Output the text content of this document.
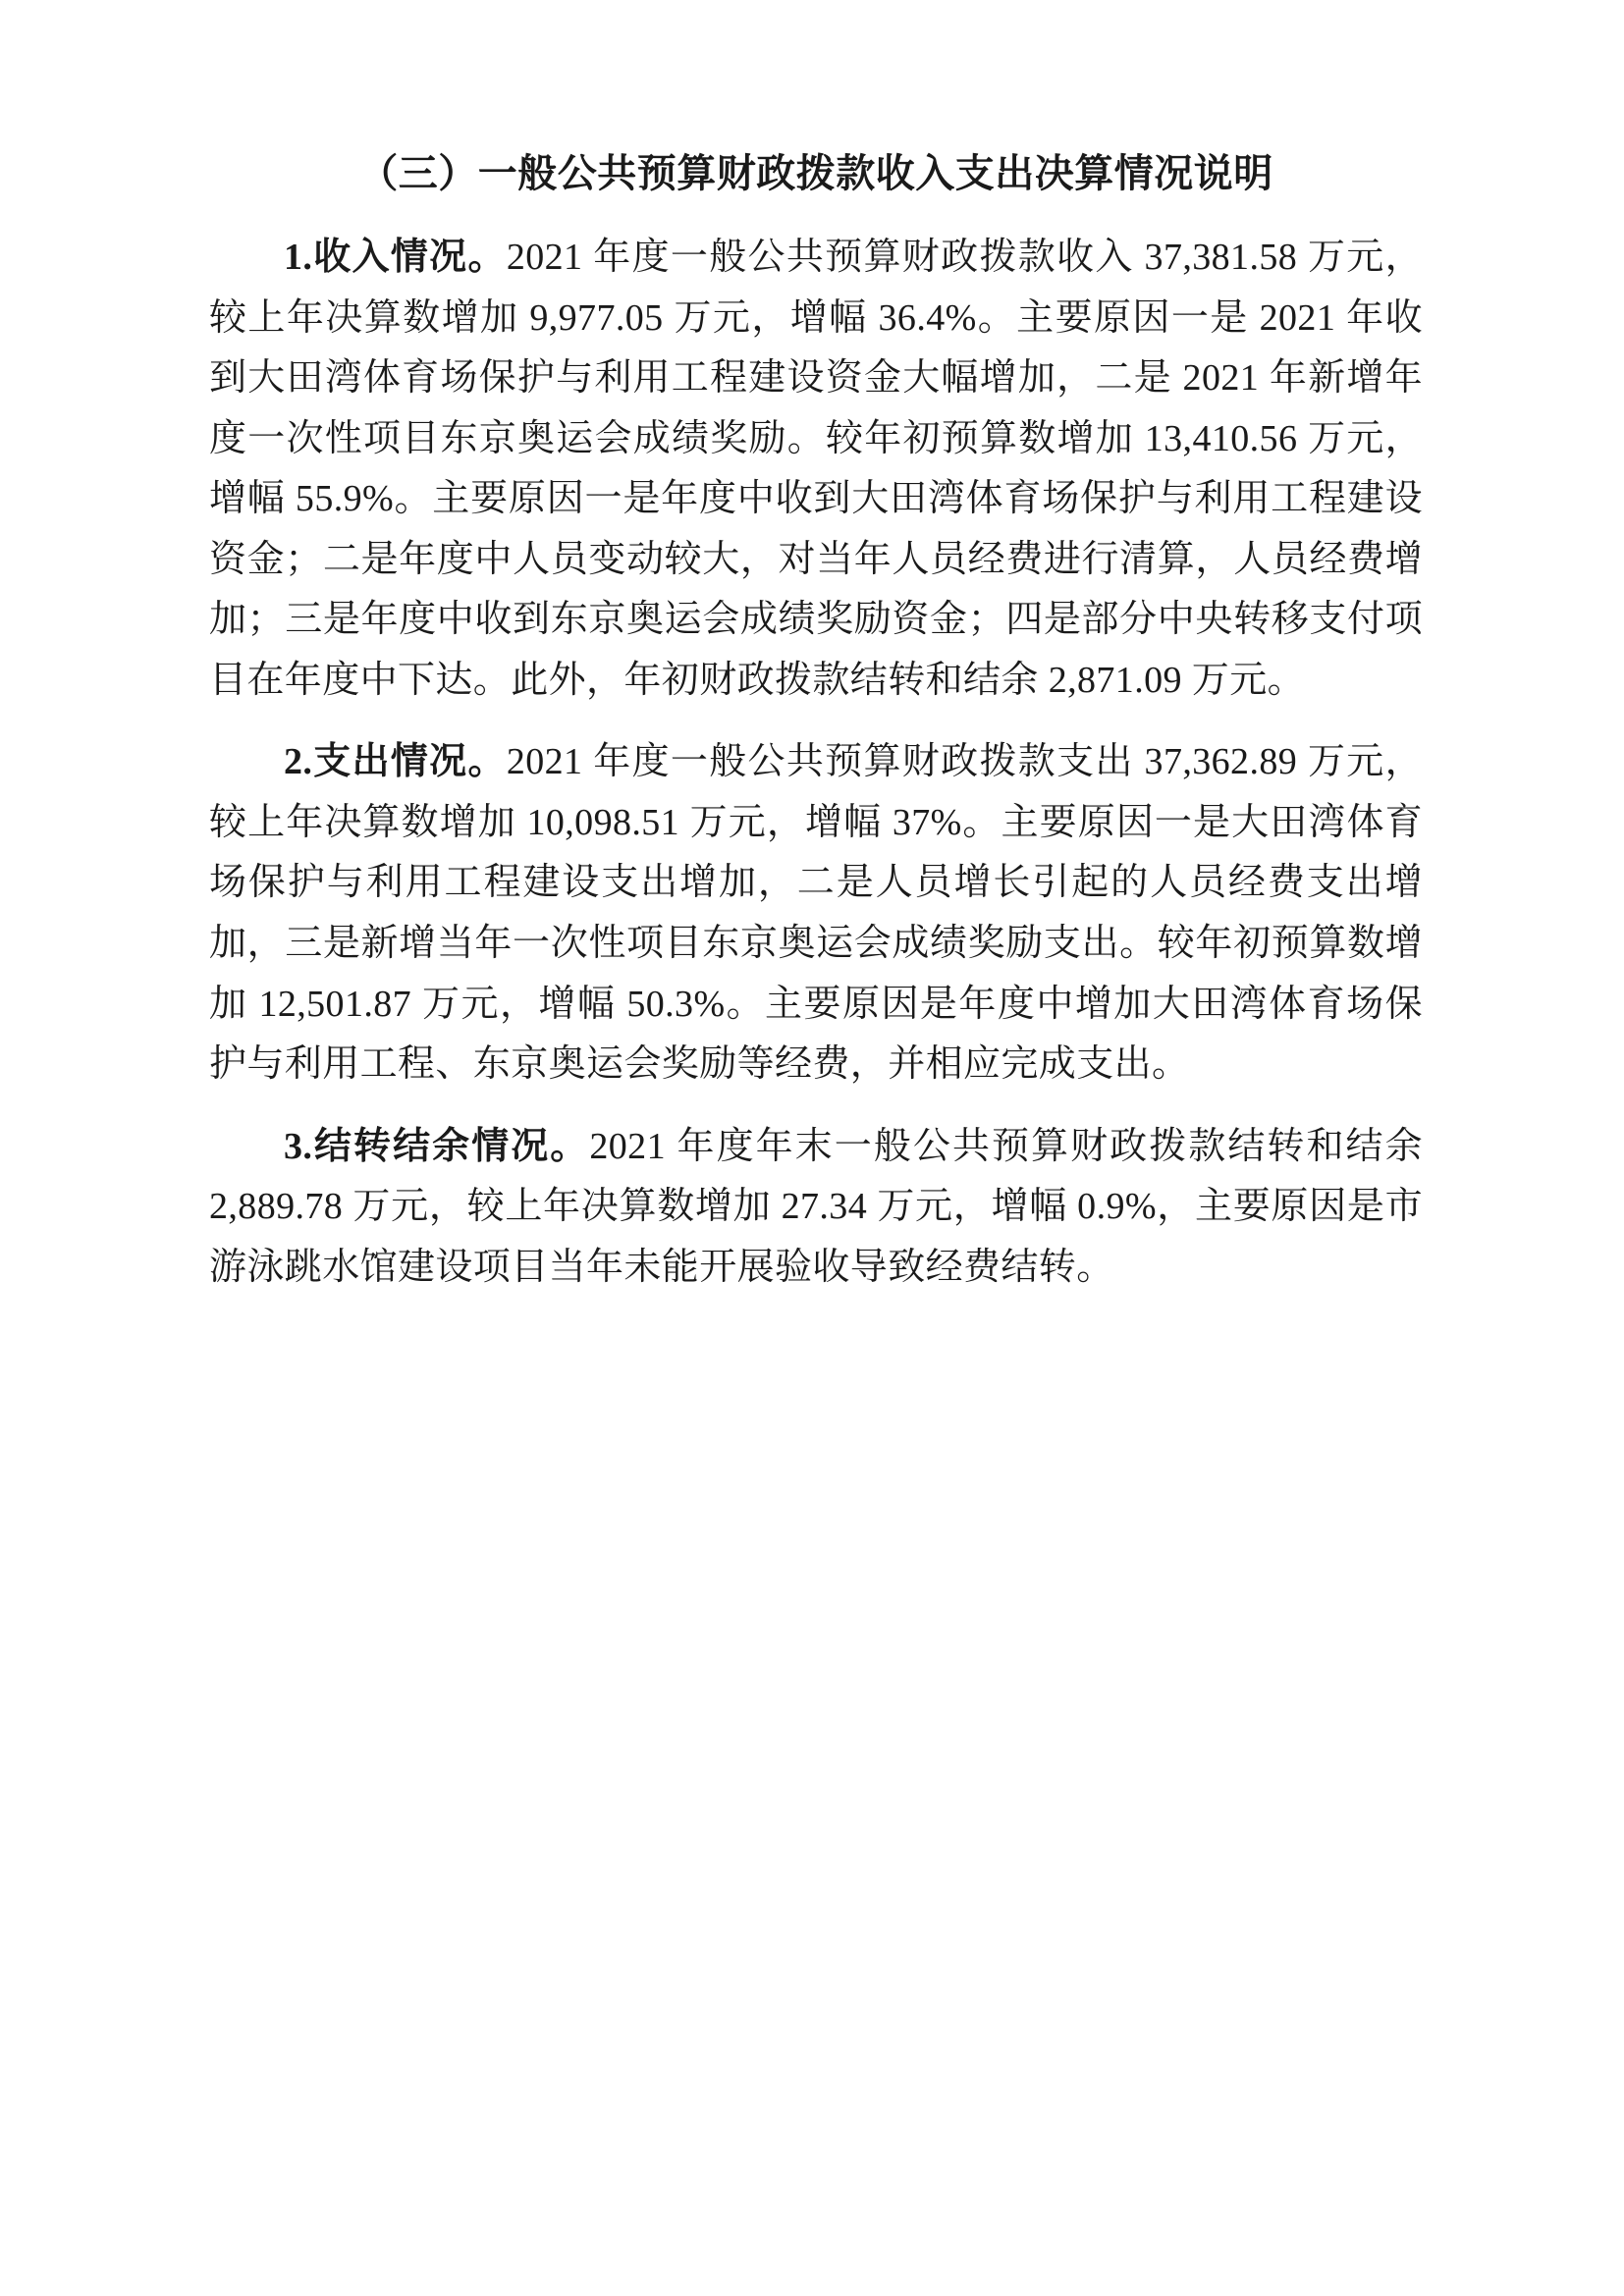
（三）一般公共预算财政拨款收入支出决算情况说明

1.收入情况。2021 年度一般公共预算财政拨款收入 37,381.58 万元，较上年决算数增加 9,977.05 万元，增幅 36.4%。主要原因一是 2021 年收到大田湾体育场保护与利用工程建设资金大幅增加，二是 2021 年新增年度一次性项目东京奥运会成绩奖励。较年初预算数增加 13,410.56 万元，增幅 55.9%。主要原因一是年度中收到大田湾体育场保护与利用工程建设资金；二是年度中人员变动较大，对当年人员经费进行清算，人员经费增加；三是年度中收到东京奥运会成绩奖励资金；四是部分中央转移支付项目在年度中下达。此外，年初财政拨款结转和结余 2,871.09 万元。

2.支出情况。2021 年度一般公共预算财政拨款支出 37,362.89 万元，较上年决算数增加 10,098.51 万元，增幅 37%。主要原因一是大田湾体育场保护与利用工程建设支出增加，二是人员增长引起的人员经费支出增加，三是新增当年一次性项目东京奥运会成绩奖励支出。较年初预算数增加 12,501.87 万元，增幅 50.3%。主要原因是年度中增加大田湾体育场保护与利用工程、东京奥运会奖励等经费，并相应完成支出。

3.结转结余情况。2021 年度年末一般公共预算财政拨款结转和结余 2,889.78 万元，较上年决算数增加 27.34 万元，增幅 0.9%，主要原因是市游泳跳水馆建设项目当年未能开展验收导致经费结转。
